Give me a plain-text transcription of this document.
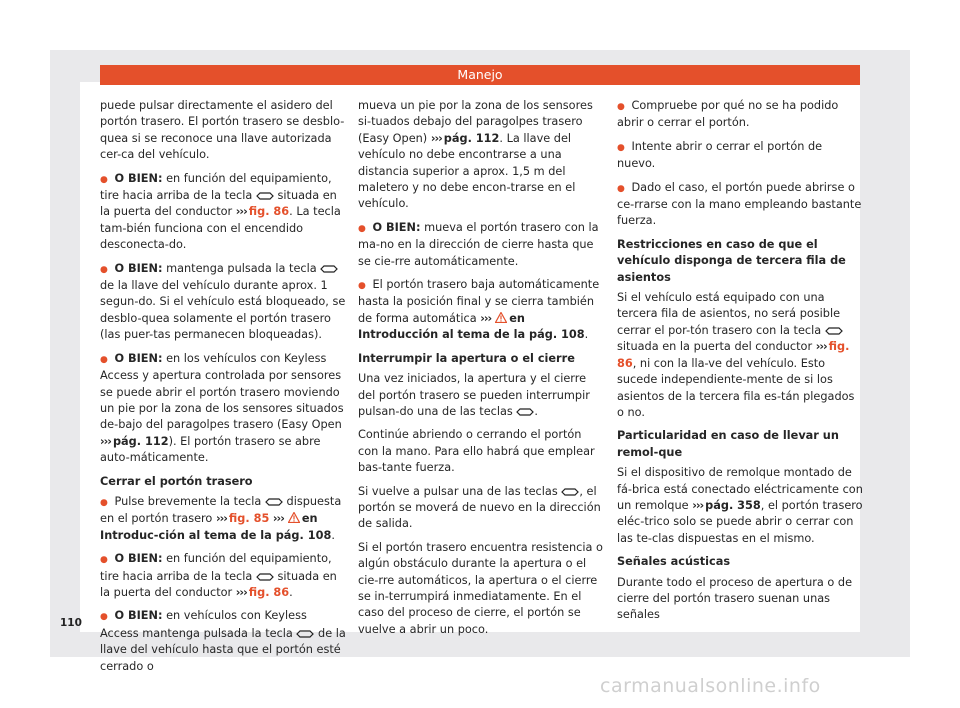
Manejo

puede pulsar directamente el asidero del portón trasero. El portón trasero se desblo-quea si se reconoce una llave autorizada cer-ca del vehículo.

● O BIEN: en función del equipamiento, tire hacia arriba de la tecla situada en la puerta del conductor ››› fig. 86. La tecla tam-bién funciona con el encendido desconecta-do.

● O BIEN: mantenga pulsada la tecla  de la llave del vehículo durante aprox. 1 segun-do. Si el vehículo está bloqueado, se desblo-quea solamente el portón trasero (las puer-tas permanecen bloqueadas).

● O BIEN: en los vehículos con Keyless Access y apertura controlada por sensores se puede abrir el portón trasero moviendo un pie por la zona de los sensores situados de-bajo del paragolpes trasero (Easy Open ››› pág. 112). El portón trasero se abre auto-máticamente.

Cerrar el portón trasero

● Pulse brevemente la tecla dispuesta en el portón trasero ››› fig. 85 ››› en Introduc-ción al tema de la pág. 108.

● O BIEN: en función del equipamiento, tire hacia arriba de la tecla situada en la puerta del conductor ››› fig. 86.

● O BIEN: en vehículos con Keyless Access mantenga pulsada la tecla de la llave del vehículo hasta que el portón esté cerrado o

mueva un pie por la zona de los sensores si-tuados debajo del paragolpes trasero (Easy Open) ››› pág. 112. La llave del vehículo no debe encontrarse a una distancia superior a aprox. 1,5 m del maletero y no debe encon-trarse en el vehículo.

● O BIEN: mueva el portón trasero con la ma-no en la dirección de cierre hasta que se cie-rre automáticamente.

● El portón trasero baja automáticamente hasta la posición final y se cierra también de forma automática ››› en Introducción al tema de la pág. 108.

Interrumpir la apertura o el cierre

Una vez iniciados, la apertura y el cierre del portón trasero se pueden interrumpir pulsan-do una de las teclas .

Continúe abriendo o cerrando el portón con la mano. Para ello habrá que emplear bas-tante fuerza.

Si vuelve a pulsar una de las teclas , el portón se moverá de nuevo en la dirección de salida.

Si el portón trasero encuentra resistencia o algún obstáculo durante la apertura o el cie-rre automáticos, la apertura o el cierre se in-terrumpirá inmediatamente. En el caso del proceso de cierre, el portón se vuelve a abrir un poco.

● Compruebe por qué no se ha podido abrir o cerrar el portón.

● Intente abrir o cerrar el portón de nuevo.

● Dado el caso, el portón puede abrirse o ce-rrarse con la mano empleando bastante fuerza.

Restricciones en caso de que el vehículo disponga de tercera fila de asientos

Si el vehículo está equipado con una tercera fila de asientos, no será posible cerrar el por-tón trasero con la tecla  situada en la puerta del conductor ››› fig. 86, ni con la lla-ve del vehículo. Esto sucede independiente-mente de si los asientos de la tercera fila es-tán plegados o no.

Particularidad en caso de llevar un remol-que

Si el dispositivo de remolque montado de fá-brica está conectado eléctricamente con un remolque ››› pág. 358, el portón trasero eléc-trico solo se puede abrir o cerrar con las te-clas dispuestas en el mismo.

Señales acústicas

Durante todo el proceso de apertura o de cierre del portón trasero suenan unas señales

110
carmanualsonline.info
